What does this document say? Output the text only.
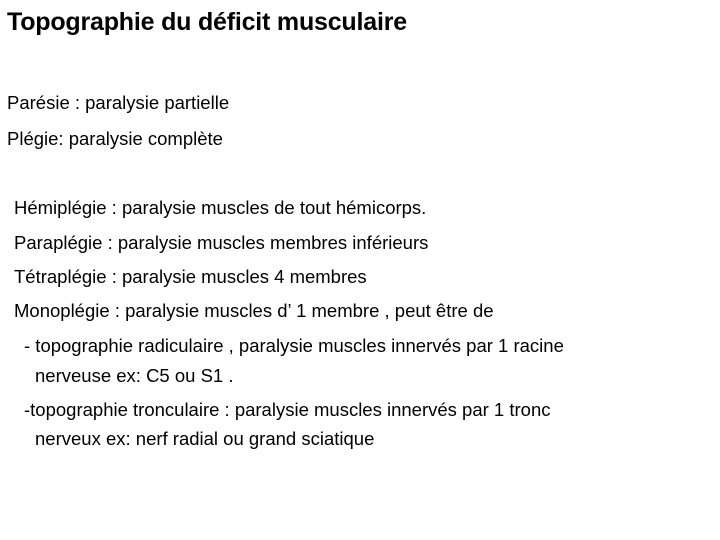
Topographie du déficit musculaire
Parésie : paralysie partielle
Plégie: paralysie complète
Hémiplégie : paralysie muscles de tout hémicorps.
Paraplégie : paralysie muscles membres inférieurs
Tétraplégie : paralysie muscles 4 membres
Monoplégie : paralysie muscles d’ 1 membre , peut être de
- topographie radiculaire , paralysie muscles innervés par 1 racine
nerveuse ex: C5 ou S1 .
-topographie tronculaire : paralysie muscles innervés par 1 tronc
nerveux ex: nerf radial ou grand sciatique
